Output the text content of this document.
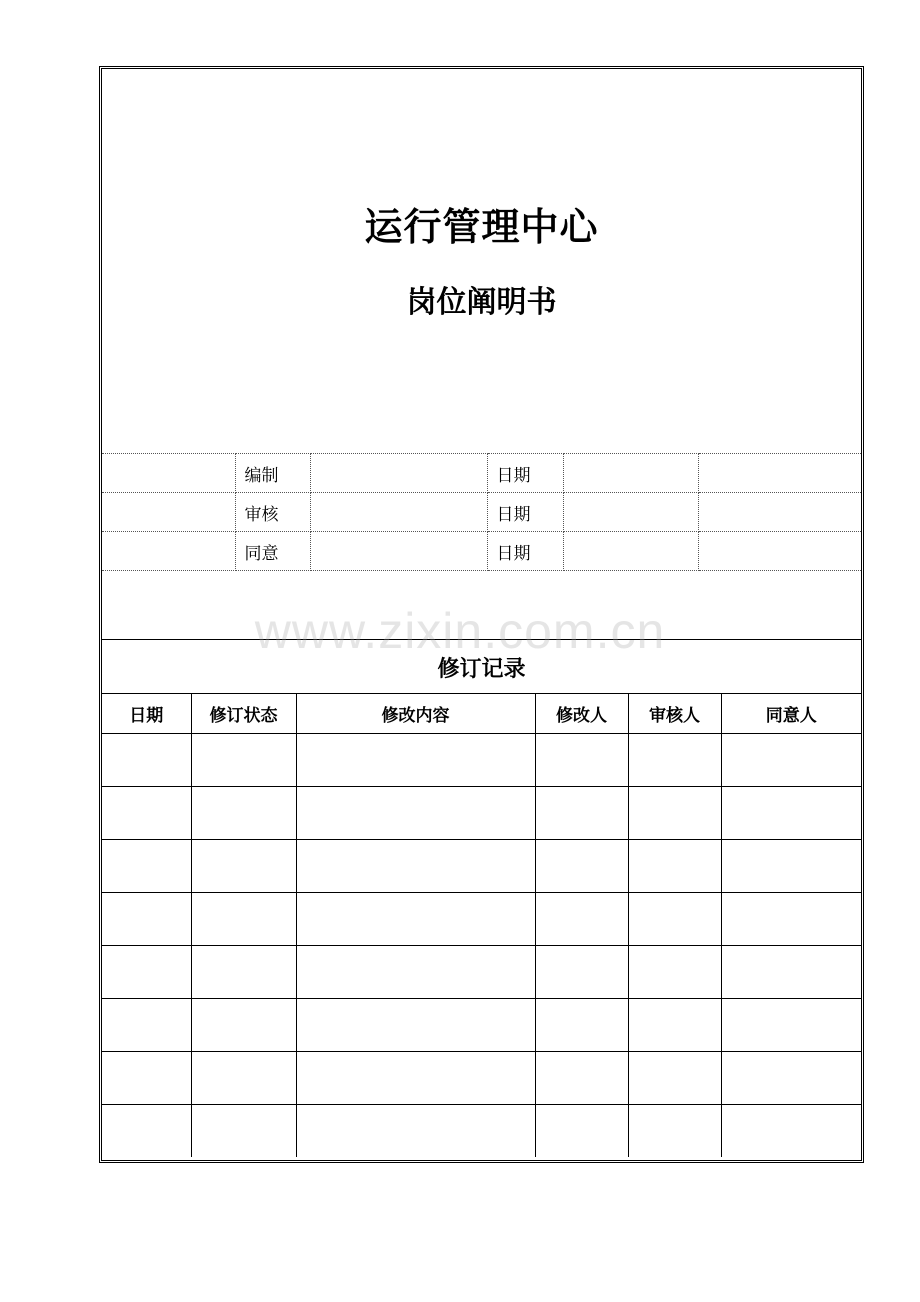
运行管理中心
岗位阐明书
	编制		日期		
	审核		日期		
	同意		日期		
修订记录					
日期	修订状态	修改内容	修改人	审核人	同意人

www.zixin.com.cn
